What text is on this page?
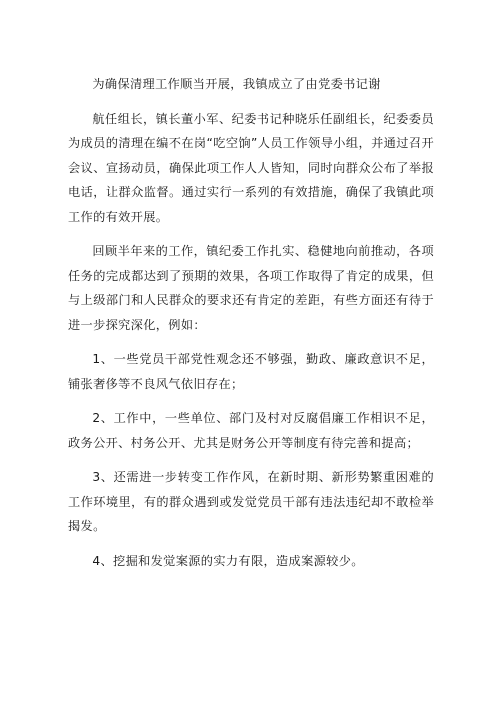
为确保清理工作顺当开展，我镇成立了由党委书记谢

航任组长，镇长董小军、纪委书记种晓乐任副组长，纪委委员为成员的清理在编不在岗“吃空饷”人员工作领导小组，并通过召开会议、宣扬动员，确保此项工作人人皆知，同时向群众公布了举报电话，让群众监督。通过实行一系列的有效措施，确保了我镇此项工作的有效开展。

回顾半年来的工作，镇纪委工作扎实、稳健地向前推动，各项任务的完成都达到了预期的效果，各项工作取得了肯定的成果，但与上级部门和人民群众的要求还有肯定的差距，有些方面还有待于进一步探究深化，例如：

1、一些党员干部党性观念还不够强，勤政、廉政意识不足，铺张奢侈等不良风气依旧存在；

2、工作中，一些单位、部门及村对反腐倡廉工作相识不足，政务公开、村务公开、尤其是财务公开等制度有待完善和提高；

3、还需进一步转变工作作风，在新时期、新形势繁重困难的工作环境里，有的群众遇到或发觉党员干部有违法违纪却不敢检举揭发。

4、挖掘和发觉案源的实力有限，造成案源较少。
